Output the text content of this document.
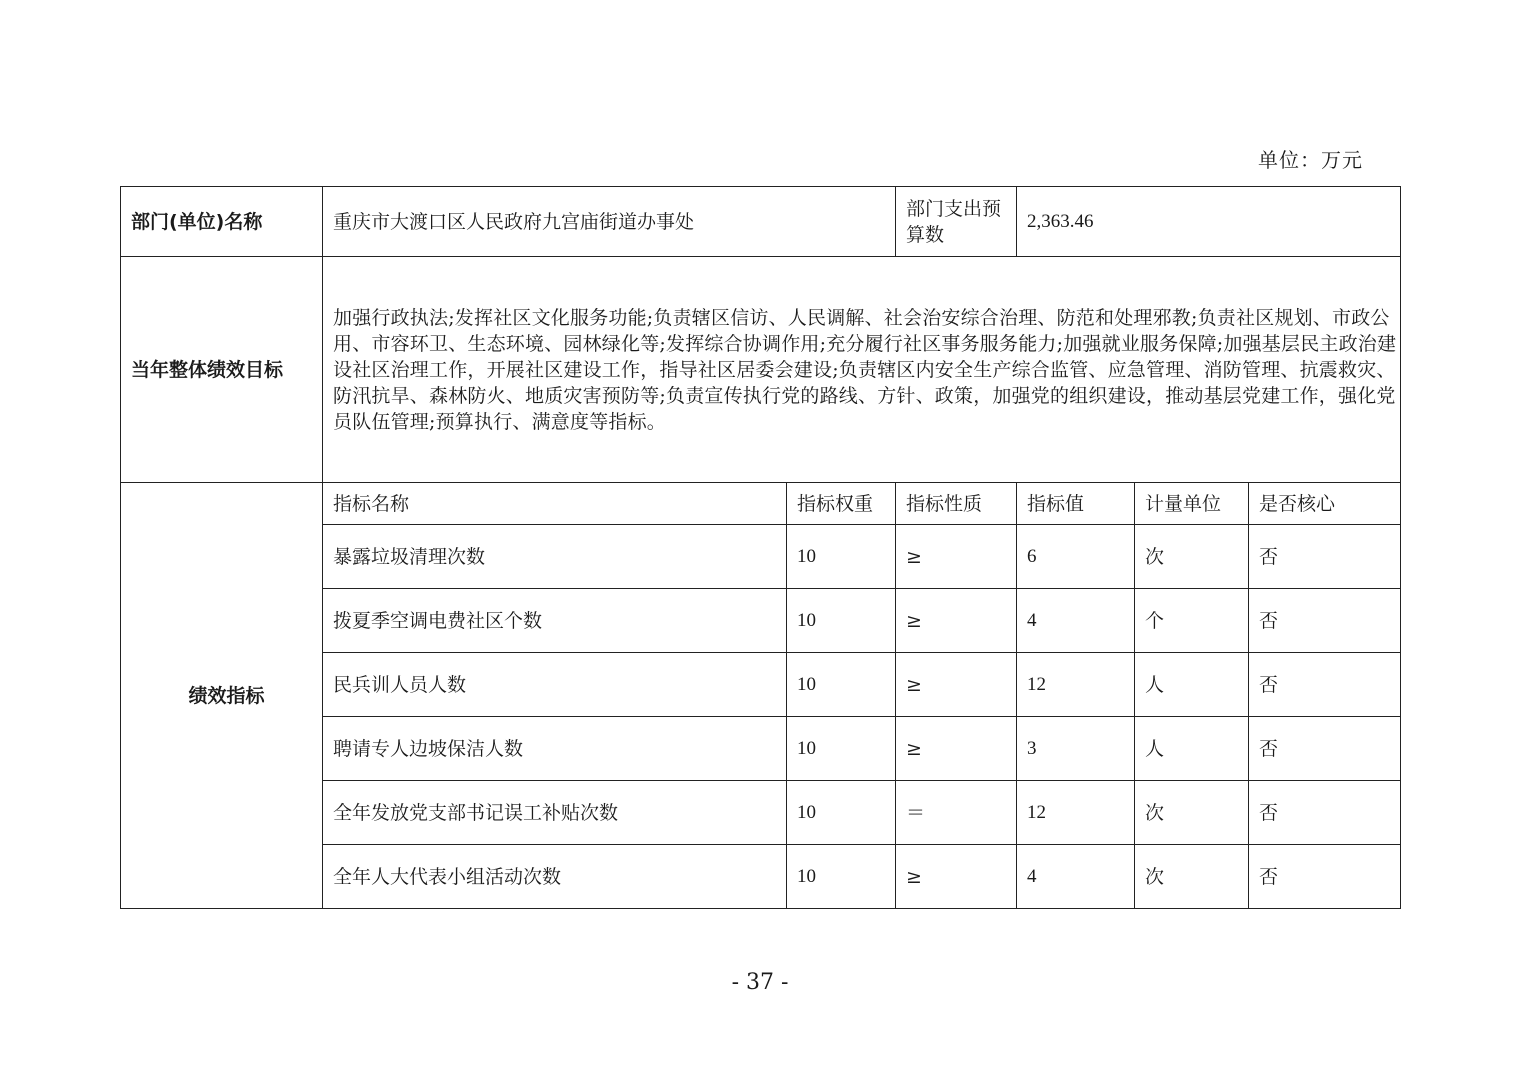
单位：万元
部门(单位)名称	重庆市大渡口区人民政府九宫庙街道办事处		部门支出预算数	2,363.46		
当年整体绩效目标	加强行政执法;发挥社区文化服务功能;负责辖区信访、人民调解、社会治安综合治理、防范和处理邪教;负责社区规划、市政公用、市容环卫、生态环境、园林绿化等;发挥综合协调作用;充分履行社区事务服务能力;加强就业服务保障;加强基层民主政治建设社区治理工作，开展社区建设工作，指导社区居委会建设;负责辖区内安全生产综合监管、应急管理、消防管理、抗震救灾、防汛抗旱、森林防火、地质灾害预防等;负责宣传执行党的路线、方针、政策，加强党的组织建设，推动基层党建工作，强化党员队伍管理;预算执行、满意度等指标。					
绩效指标	指标名称	指标权重	指标性质	指标值	计量单位	是否核心
	暴露垃圾清理次数	10	≥	6	次	否
	拨夏季空调电费社区个数	10	≥	4	个	否
	民兵训人员人数	10	≥	12	人	否
	聘请专人边坡保洁人数	10	≥	3	人	否
	全年发放党支部书记误工补贴次数	10	＝	12	次	否
	全年人大代表小组活动次数	10	≥	4	次	否
- 37 -
